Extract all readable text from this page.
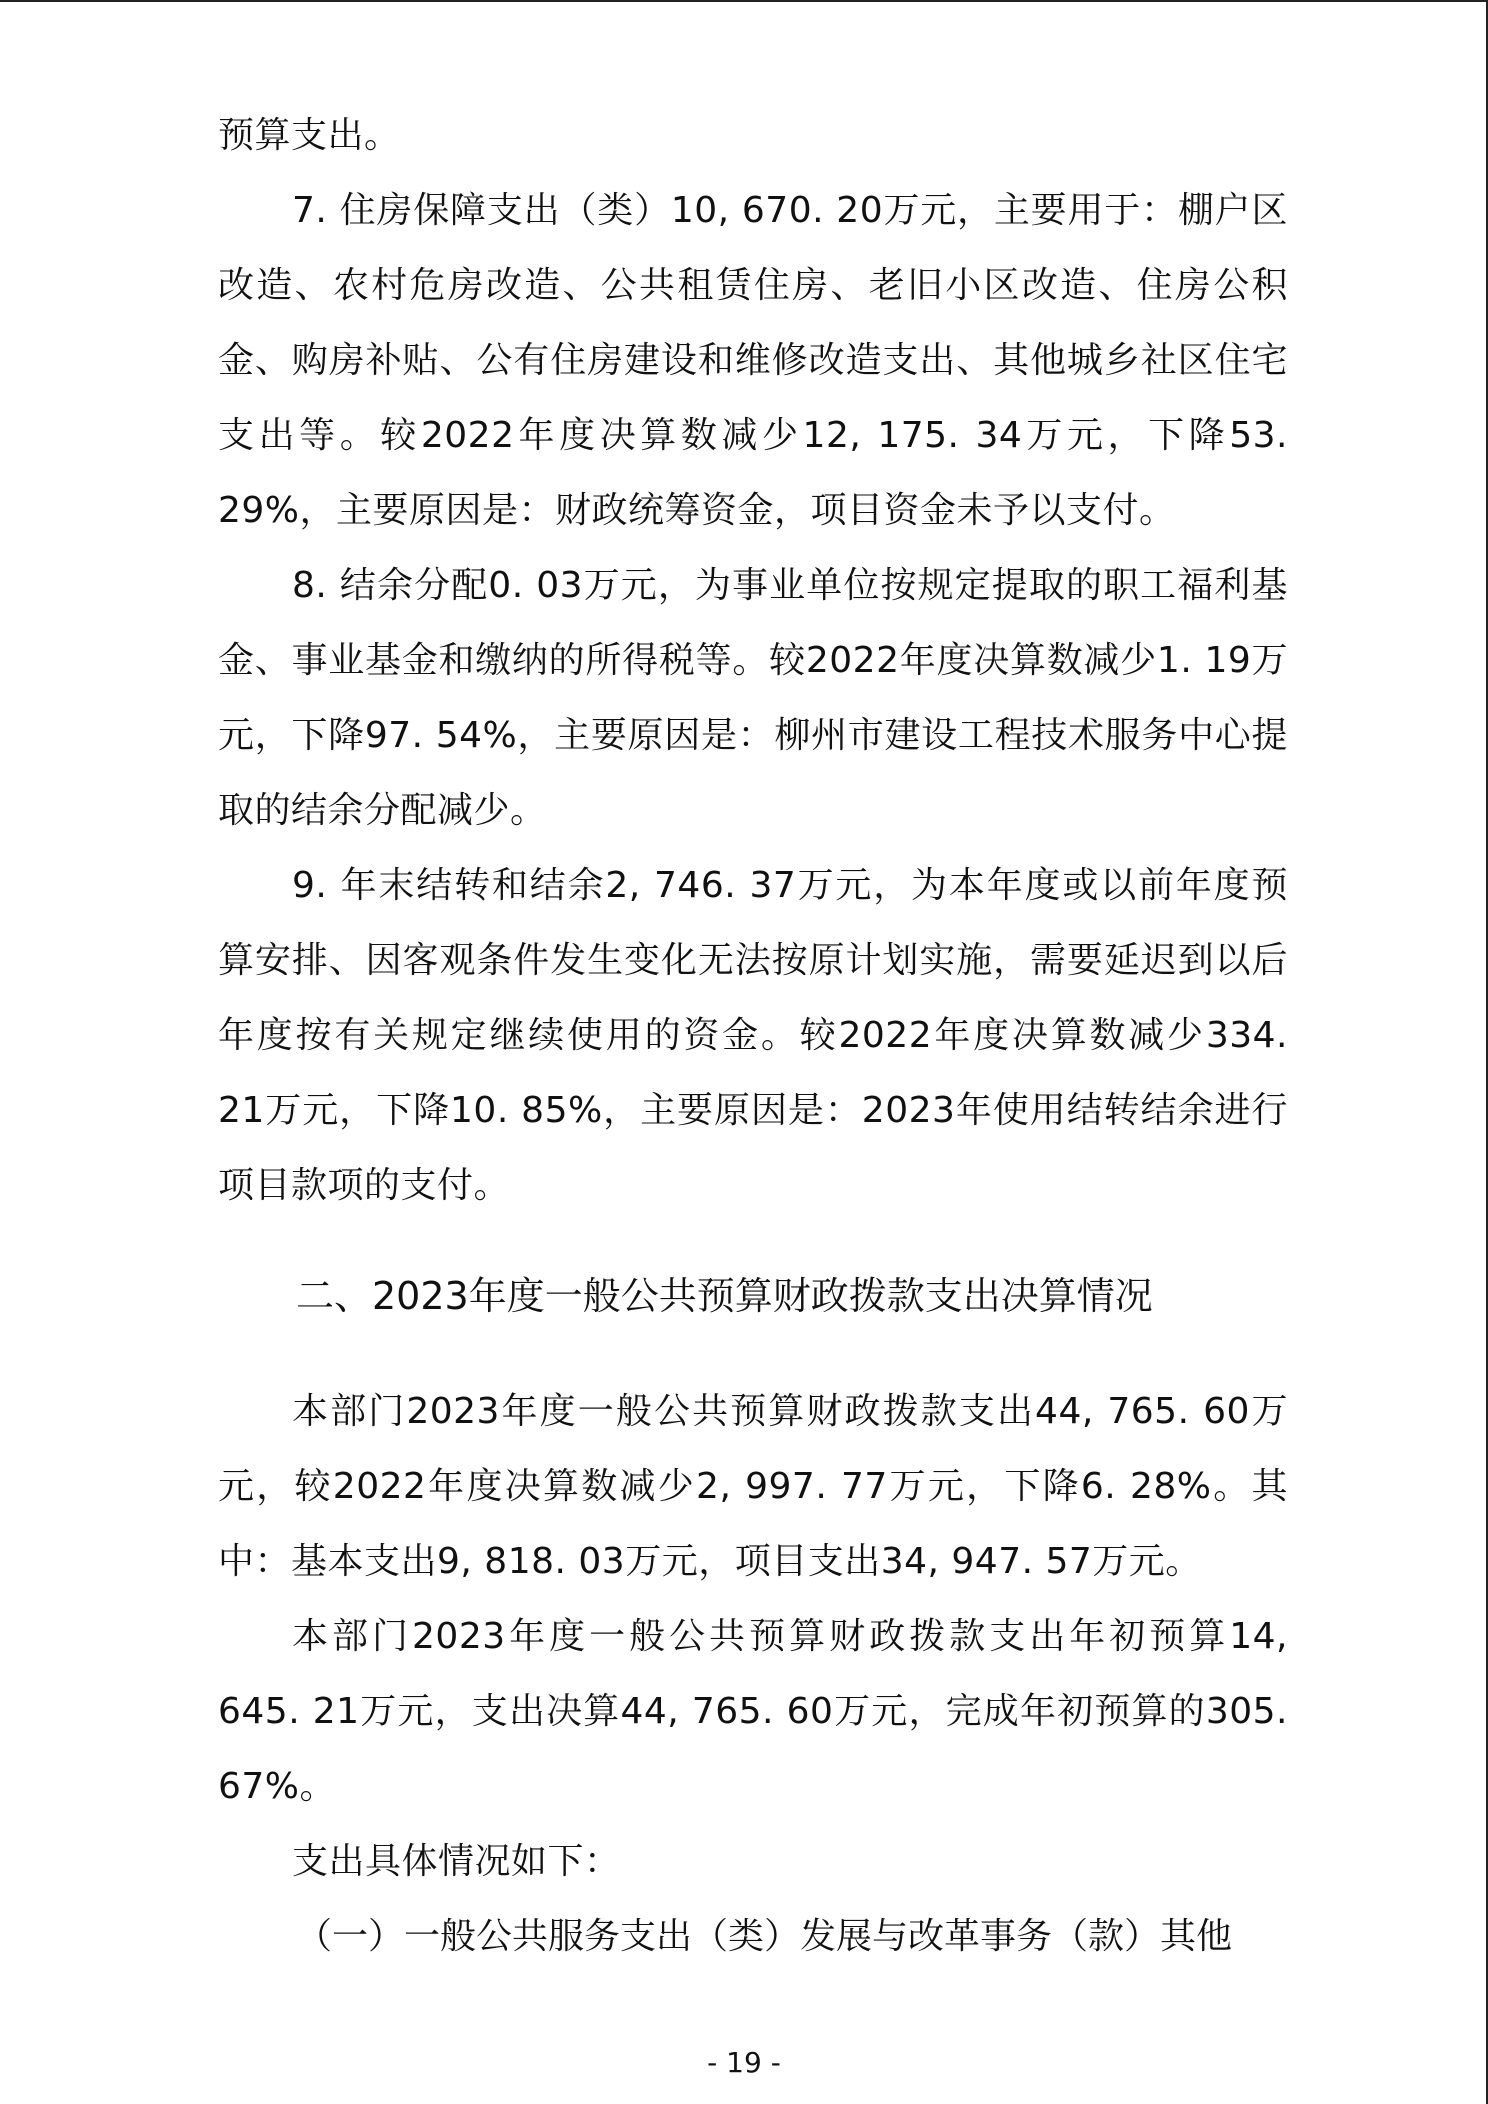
预算支出。

7. 住房保障支出（类）10, 670. 20万元，主要用于：棚户区改造、农村危房改造、公共租赁住房、老旧小区改造、住房公积金、购房补贴、公有住房建设和维修改造支出、其他城乡社区住宅支出等。较2022年度决算数减少12, 175. 34万元，下降53. 29%，主要原因是：财政统筹资金，项目资金未予以支付。

8. 结余分配0. 03万元，为事业单位按规定提取的职工福利基金、事业基金和缴纳的所得税等。较2022年度决算数减少1. 19万元，下降97. 54%，主要原因是：柳州市建设工程技术服务中心提取的结余分配减少。

9. 年末结转和结余2, 746. 37万元，为本年度或以前年度预算安排、因客观条件发生变化无法按原计划实施，需要延迟到以后年度按有关规定继续使用的资金。较2022年度决算数减少334. 21万元，下降10. 85%，主要原因是：2023年使用结转结余进行项目款项的支付。

二、2023年度一般公共预算财政拨款支出决算情况

本部门2023年度一般公共预算财政拨款支出44, 765. 60万元，较2022年度决算数减少2, 997. 77万元，下降6. 28%。其中：基本支出9, 818. 03万元，项目支出34, 947. 57万元。

本部门2023年度一般公共预算财政拨款支出年初预算14, 645. 21万元，支出决算44, 765. 60万元，完成年初预算的305. 67%。

支出具体情况如下：

（一）一般公共服务支出（类）发展与改革事务（款）其他

- 19 -
